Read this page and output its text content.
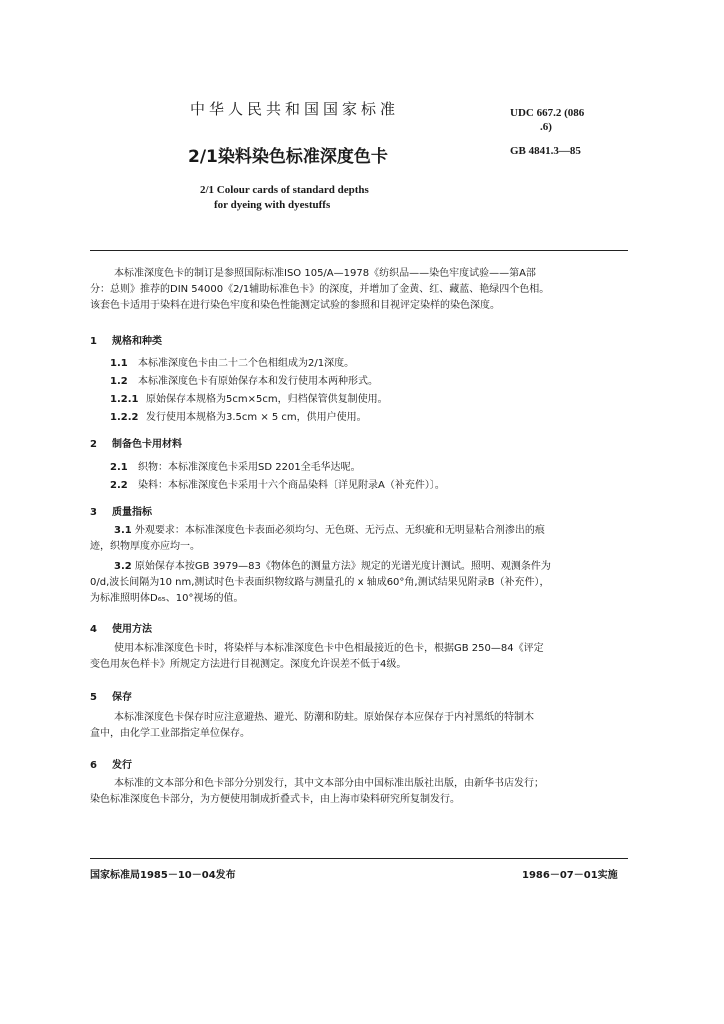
中华人民共和国国家标准	UDC 667.2 (086
.6)
GB 4841.3—85
2/1染料染色标准深度色卡
2/1 Colour cards of standard depths
for dyeing with dyestuffs
本标准深度色卡的制订是参照国际标准ISO 105/A—1978《纺织品——染色牢度试验——第A部
分：总则》推荐的DIN 54000《2/1辅助标准色卡》的深度，并增加了金黄、红、藏蓝、艳绿四个色相。
该套色卡适用于染料在进行染色牢度和染色性能测定试验的参照和目视评定染样的染色深度。
1 规格和种类
1.1 本标准深度色卡由二十二个色相组成为2/1深度。
1.2 本标准深度色卡有原始保存本和发行使用本两种形式。
1.2.1 原始保存本规格为5cm×5cm，归档保管供复制使用。
1.2.2 发行使用本规格为3.5cm × 5 cm，供用户使用。
2 制备色卡用材料
2.1 织物：本标准深度色卡采用SD 2201全毛华达呢。
2.2 染料：本标准深度色卡采用十六个商品染料〔详见附录A（补充件）〕。
3 质量指标
3.1 外观要求：本标准深度色卡表面必须均匀、无色斑、无污点、无织疵和无明显粘合剂渗出的痕
迹，织物厚度亦应均一。
3.2 原始保存本按GB 3979—83《物体色的测量方法》规定的光谱光度计测试。照明、观测条件为
0/d,波长间隔为10 nm,测试时色卡表面织物纹路与测量孔的 x 轴成60°角,测试结果见附录B（补充件），
为标准照明体D₆₅、10°视场的值。
4 使用方法
使用本标准深度色卡时，将染样与本标准深度色卡中色相最接近的色卡，根据GB 250—84《评定
变色用灰色样卡》所规定方法进行目视测定。深度允许误差不低于4级。
5 保存
本标准深度色卡保存时应注意避热、避光、防潮和防蛀。原始保存本应保存于内衬黑纸的特制木
盒中，由化学工业部指定单位保存。
6 发行
本标准的文本部分和色卡部分分别发行，其中文本部分由中国标准出版社出版，由新华书店发行；
染色标准深度色卡部分，为方便使用制成折叠式卡，由上海市染料研究所复制发行。
国家标准局1985－10－04发布	1986－07－01实施
